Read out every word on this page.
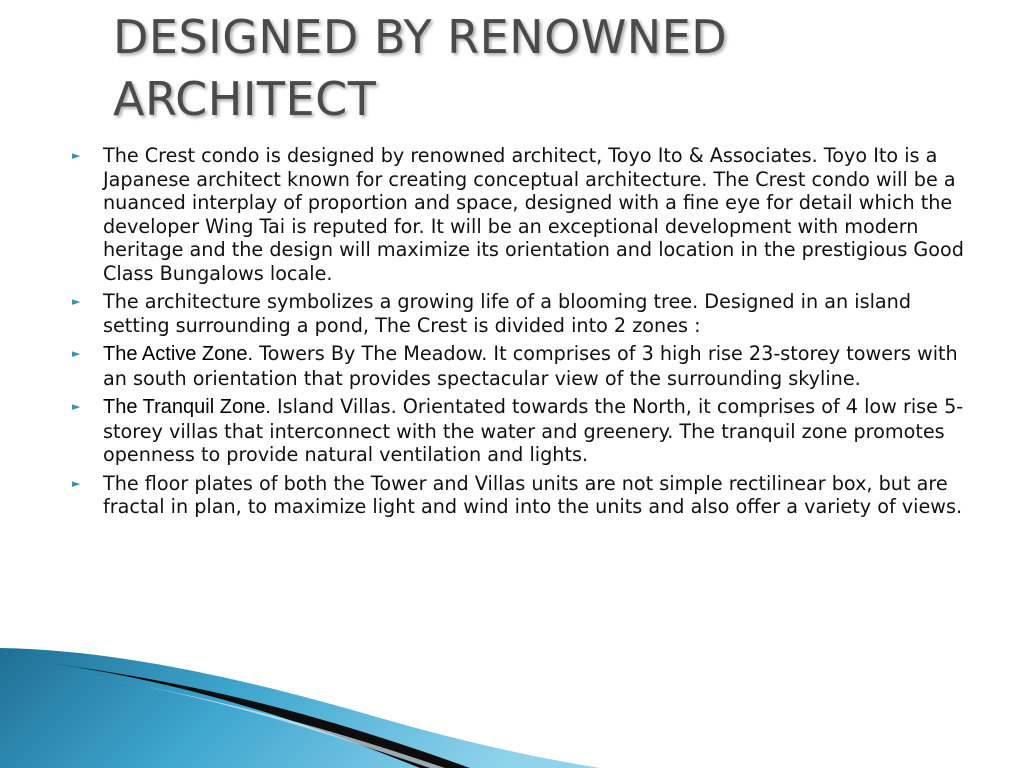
DESIGNED BY RENOWNED
ARCHITECT
► The Crest condo is designed by renowned architect, Toyo Ito & Associates. Toyo Ito is a Japanese architect known for creating conceptual architecture. The Crest condo will be a nuanced interplay of proportion and space, designed with a fine eye for detail which the developer Wing Tai is reputed for. It will be an exceptional development with modern heritage and the design will maximize its orientation and location in the prestigious Good Class Bungalows locale.
► The architecture symbolizes a growing life of a blooming tree. Designed in an island setting surrounding a pond, The Crest is divided into 2 zones :
► The Active Zone. Towers By The Meadow. It comprises of 3 high rise 23-storey towers with an south orientation that provides spectacular view of the surrounding skyline.
► The Tranquil Zone. Island Villas. Orientated towards the North, it comprises of 4 low rise 5-storey villas that interconnect with the water and greenery. The tranquil zone promotes openness to provide natural ventilation and lights.
► The floor plates of both the Tower and Villas units are not simple rectilinear box, but are fractal in plan, to maximize light and wind into the units and also offer a variety of views.
